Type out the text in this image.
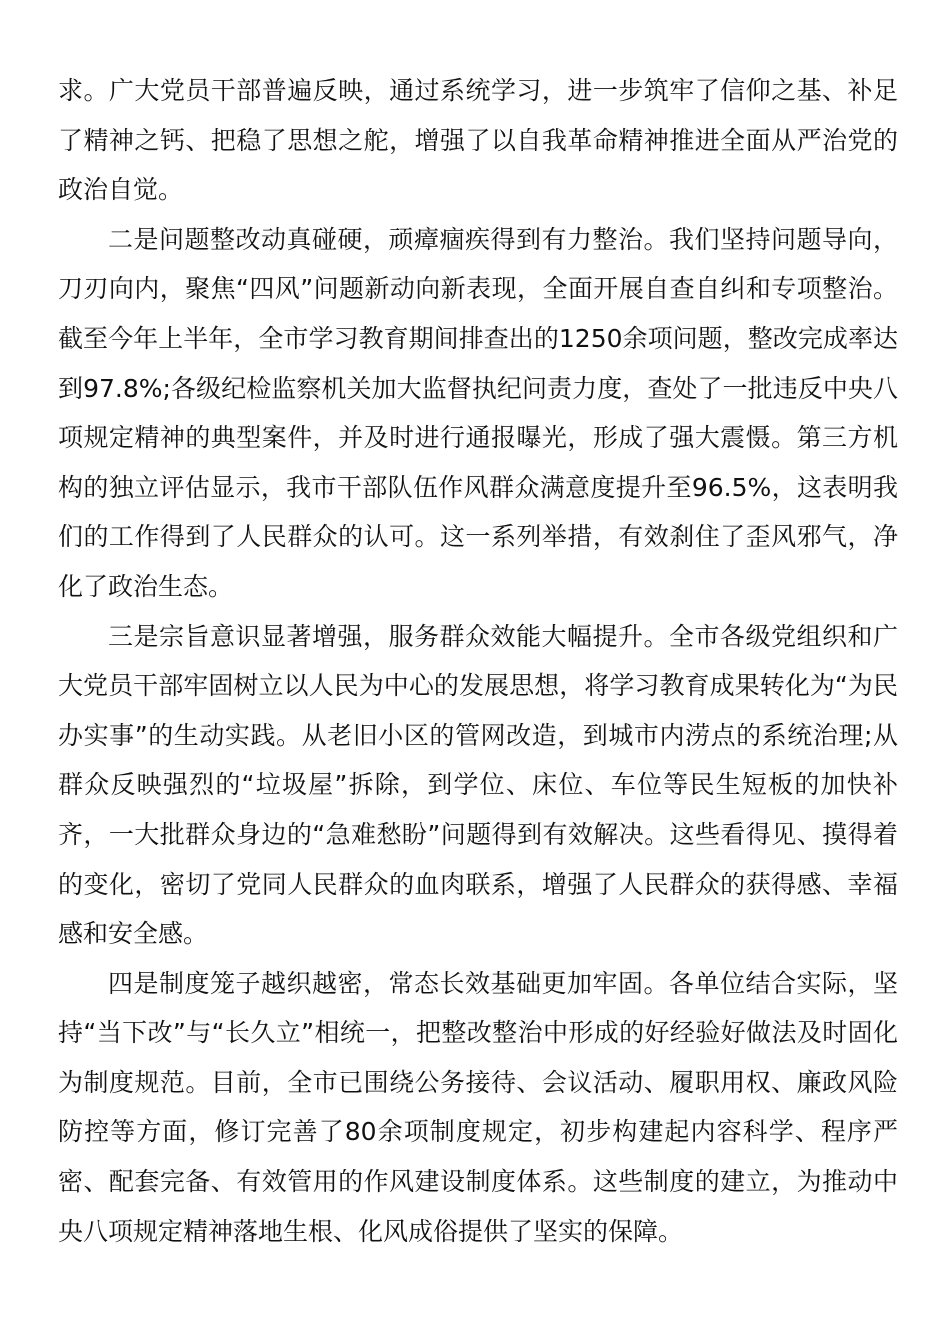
求。广大党员干部普遍反映，通过系统学习，进一步筑牢了信仰之基、补足了精神之钙、把稳了思想之舵，增强了以自我革命精神推进全面从严治党的政治自觉。

二是问题整改动真碰硬，顽瘴痼疾得到有力整治。我们坚持问题导向，刀刃向内，聚焦“四风”问题新动向新表现，全面开展自查自纠和专项整治。截至今年上半年，全市学习教育期间排查出的1250余项问题，整改完成率达到97.8%;各级纪检监察机关加大监督执纪问责力度，查处了一批违反中央八项规定精神的典型案件，并及时进行通报曝光，形成了强大震慑。第三方机构的独立评估显示，我市干部队伍作风群众满意度提升至96.5%，这表明我们的工作得到了人民群众的认可。这一系列举措，有效刹住了歪风邪气，净化了政治生态。

三是宗旨意识显著增强，服务群众效能大幅提升。全市各级党组织和广大党员干部牢固树立以人民为中心的发展思想，将学习教育成果转化为“为民办实事”的生动实践。从老旧小区的管网改造，到城市内涝点的系统治理;从群众反映强烈的“垃圾屋”拆除，到学位、床位、车位等民生短板的加快补齐，一大批群众身边的“急难愁盼”问题得到有效解决。这些看得见、摸得着的变化，密切了党同人民群众的血肉联系，增强了人民群众的获得感、幸福感和安全感。

四是制度笼子越织越密，常态长效基础更加牢固。各单位结合实际，坚持“当下改”与“长久立”相统一，把整改整治中形成的好经验好做法及时固化为制度规范。目前，全市已围绕公务接待、会议活动、履职用权、廉政风险防控等方面，修订完善了80余项制度规定，初步构建起内容科学、程序严密、配套完备、有效管用的作风建设制度体系。这些制度的建立，为推动中央八项规定精神落地生根、化风成俗提供了坚实的保障。
